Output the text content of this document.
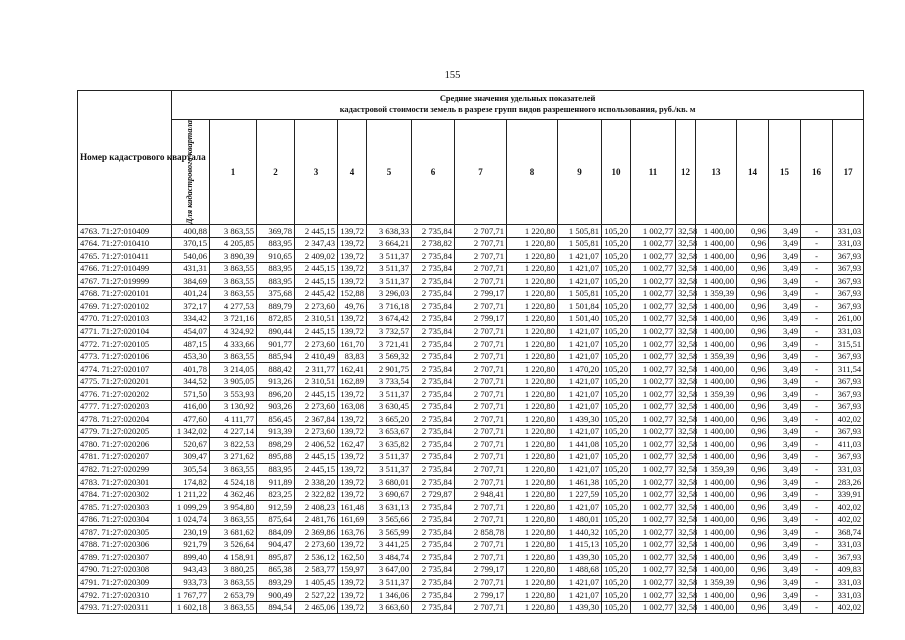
155
Номер кадастрового квартала	Средние значения удельных показателей
кадастровой стоимости земель в разрезе групп видов разрешенного использования, руб./кв. м																	

	Для кадастрового квартала	1	2	3	4	5	6	7	8	9	10	11	12	13	14	15	16	17
4763. 71:27:010409	400,88	3 863,55	369,78	2 445,15	139,72	3 638,33	2 735,84	2 707,71	1 220,80	1 505,81	105,20	1 002,77	32,58	1 400,00	0,96	3,49	-	331,03
4764. 71:27:010410	370,15	4 205,85	883,95	2 347,43	139,72	3 664,21	2 738,82	2 707,71	1 220,80	1 505,81	105,20	1 002,77	32,58	1 400,00	0,96	3,49	-	331,03
4765. 71:27:010411	540,06	3 890,39	910,65	2 409,02	139,72	3 511,37	2 735,84	2 707,71	1 220,80	1 421,07	105,20	1 002,77	32,58	1 400,00	0,96	3,49	-	367,93
4766. 71:27:010499	431,31	3 863,55	883,95	2 445,15	139,72	3 511,37	2 735,84	2 707,71	1 220,80	1 421,07	105,20	1 002,77	32,58	1 400,00	0,96	3,49	-	367,93
4767. 71:27:019999	384,69	3 863,55	883,95	2 445,15	139,72	3 511,37	2 735,84	2 707,71	1 220,80	1 421,07	105,20	1 002,77	32,58	1 400,00	0,96	3,49	-	367,93
4768. 71:27:020101	401,24	3 863,55	375,68	2 445,42	152,88	3 296,03	2 735,84	2 799,17	1 220,80	1 505,81	105,20	1 002,77	32,58	1 359,39	0,96	3,49	-	367,93
4769. 71:27:020102	372,17	4 277,53	889,79	2 273,60	49,76	3 716,18	2 735,84	2 707,71	1 220,80	1 501,84	105,20	1 002,77	32,58	1 400,00	0,96	3,49	-	367,93
4770. 71:27:020103	334,42	3 721,16	872,85	2 310,51	139,72	3 674,42	2 735,84	2 799,17	1 220,80	1 501,40	105,20	1 002,77	32,58	1 400,00	0,96	3,49	-	261,00
4771. 71:27:020104	454,07	4 324,92	890,44	2 445,15	139,72	3 732,57	2 735,84	2 707,71	1 220,80	1 421,07	105,20	1 002,77	32,58	1 400,00	0,96	3,49	-	331,03
4772. 71:27:020105	487,15	4 333,66	901,77	2 273,60	161,70	3 721,41	2 735,84	2 707,71	1 220,80	1 421,07	105,20	1 002,77	32,58	1 400,00	0,96	3,49	-	315,51
4773. 71:27:020106	453,30	3 863,55	885,94	2 410,49	83,83	3 569,32	2 735,84	2 707,71	1 220,80	1 421,07	105,20	1 002,77	32,58	1 359,39	0,96	3,49	-	367,93
4774. 71:27:020107	401,78	3 214,05	888,42	2 311,77	162,41	2 901,75	2 735,84	2 707,71	1 220,80	1 470,20	105,20	1 002,77	32,58	1 400,00	0,96	3,49	-	311,54
4775. 71:27:020201	344,52	3 905,05	913,26	2 310,51	162,89	3 733,54	2 735,84	2 707,71	1 220,80	1 421,07	105,20	1 002,77	32,58	1 400,00	0,96	3,49	-	367,93
4776. 71:27:020202	571,50	3 553,93	896,20	2 445,15	139,72	3 511,37	2 735,84	2 707,71	1 220,80	1 421,07	105,20	1 002,77	32,58	1 359,39	0,96	3,49	-	367,93
4777. 71:27:020203	416,00	3 130,92	903,26	2 273,60	163,08	3 630,45	2 735,84	2 707,71	1 220,80	1 421,07	105,20	1 002,77	32,58	1 400,00	0,96	3,49	-	367,93
4778. 71:27:020204	477,60	4 111,77	856,45	2 367,84	139,72	3 665,20	2 735,84	2 707,71	1 220,80	1 439,30	105,20	1 002,77	32,58	1 400,00	0,96	3,49	-	402,02
4779. 71:27:020205	1 342,02	4 227,14	913,39	2 273,60	139,72	3 653,67	2 735,84	2 707,71	1 220,80	1 421,07	105,20	1 002,77	32,58	1 400,00	0,96	3,49	-	367,93
4780. 71:27:020206	520,67	3 822,53	898,29	2 406,52	162,47	3 635,82	2 735,84	2 707,71	1 220,80	1 441,08	105,20	1 002,77	32,58	1 400,00	0,96	3,49	-	411,03
4781. 71:27:020207	309,47	3 271,62	895,88	2 445,15	139,72	3 511,37	2 735,84	2 707,71	1 220,80	1 421,07	105,20	1 002,77	32,58	1 400,00	0,96	3,49	-	367,93
4782. 71:27:020299	305,54	3 863,55	883,95	2 445,15	139,72	3 511,37	2 735,84	2 707,71	1 220,80	1 421,07	105,20	1 002,77	32,58	1 359,39	0,96	3,49	-	331,03
4783. 71:27:020301	174,82	4 524,18	911,89	2 338,20	139,72	3 680,01	2 735,84	2 707,71	1 220,80	1 461,38	105,20	1 002,77	32,58	1 400,00	0,96	3,49	-	283,26
4784. 71:27:020302	1 211,22	4 362,46	823,25	2 322,82	139,72	3 690,67	2 729,87	2 948,41	1 220,80	1 227,59	105,20	1 002,77	32,58	1 400,00	0,96	3,49	-	339,91
4785. 71:27:020303	1 099,29	3 954,80	912,59	2 408,23	161,48	3 631,13	2 735,84	2 707,71	1 220,80	1 421,07	105,20	1 002,77	32,58	1 400,00	0,96	3,49	-	402,02
4786. 71:27:020304	1 024,74	3 863,55	875,64	2 481,76	161,69	3 565,66	2 735,84	2 707,71	1 220,80	1 480,01	105,20	1 002,77	32,58	1 400,00	0,96	3,49	-	402,02
4787. 71:27:020305	230,19	3 681,62	884,09	2 369,86	163,76	3 565,99	2 735,84	2 858,78	1 220,80	1 440,32	105,20	1 002,77	32,58	1 400,00	0,96	3,49	-	368,74
4788. 71:27:020306	921,79	3 526,64	904,47	2 273,60	139,72	3 441,25	2 735,84	2 707,71	1 220,80	1 415,13	105,20	1 002,77	32,58	1 400,00	0,96	3,49	-	331,03
4789. 71:27:020307	899,40	4 158,91	895,87	2 536,12	162,50	3 484,74	2 735,84	2 707,71	1 220,80	1 439,30	105,20	1 002,77	32,58	1 400,00	0,96	3,49	-	367,93
4790. 71:27:020308	943,43	3 880,25	865,38	2 583,77	159,97	3 647,00	2 735,84	2 799,17	1 220,80	1 488,68	105,20	1 002,77	32,58	1 400,00	0,96	3,49	-	409,83
4791. 71:27:020309	933,73	3 863,55	893,29	1 405,45	139,72	3 511,37	2 735,84	2 707,71	1 220,80	1 421,07	105,20	1 002,77	32,58	1 359,39	0,96	3,49	-	331,03
4792. 71:27:020310	1 767,77	2 653,79	900,49	2 527,22	139,72	1 346,06	2 735,84	2 799,17	1 220,80	1 421,07	105,20	1 002,77	32,58	1 400,00	0,96	3,49	-	331,03
4793. 71:27:020311	1 602,18	3 863,55	894,54	2 465,06	139,72	3 663,60	2 735,84	2 707,71	1 220,80	1 439,30	105,20	1 002,77	32,58	1 400,00	0,96	3,49	-	402,02
